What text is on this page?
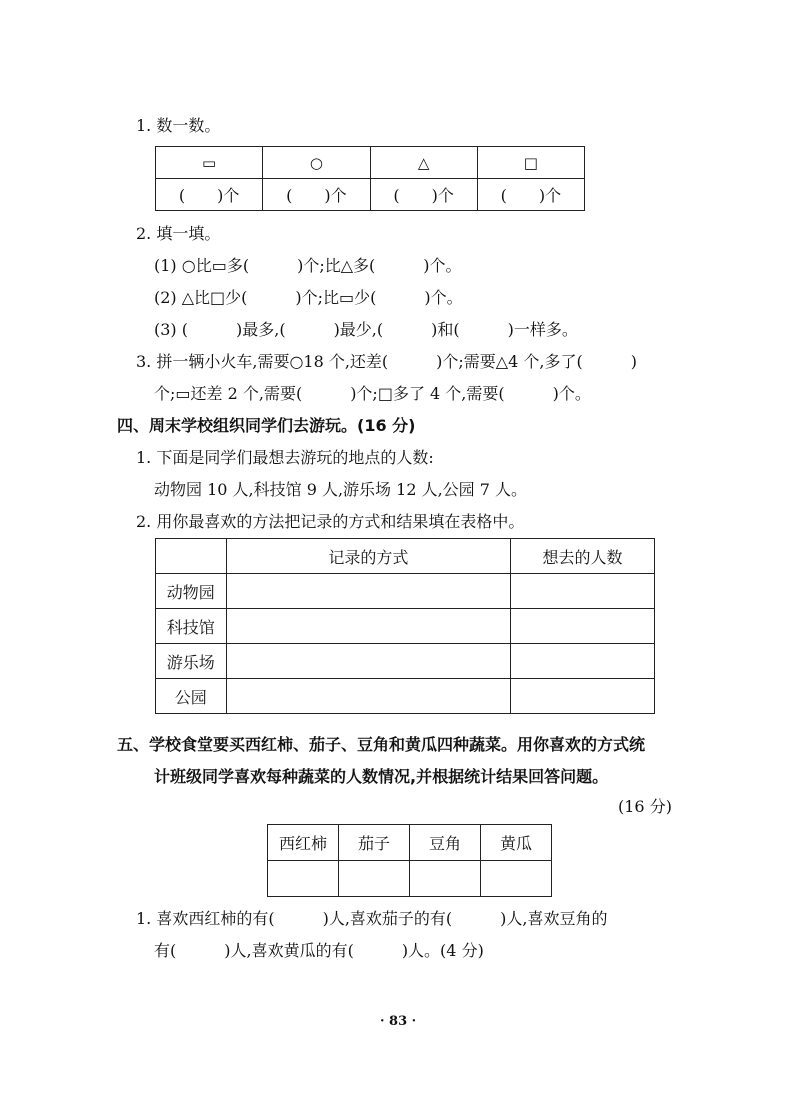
1. 数一数。
▭	○	△	□
(　　)个	(　　)个	(　　)个	(　　)个
2. 填一填。
(1) ○比▭多(　　　)个;比△多(　　　)个。
(2) △比□少(　　　)个;比▭少(　　　)个。
(3) (　　　)最多,(　　　)最少,(　　　)和(　　　)一样多。
3. 拼一辆小火车,需要○18 个,还差(　　　)个;需要△4 个,多了(　　　)
个;▭还差 2 个,需要(　　　)个;□多了 4 个,需要(　　　)个。
四、周末学校组织同学们去游玩。(16 分)
1. 下面是同学们最想去游玩的地点的人数:
动物园 10 人,科技馆 9 人,游乐场 12 人,公园 7 人。
2. 用你最喜欢的方法把记录的方式和结果填在表格中。
	记录的方式	想去的人数
动物园		
科技馆		
游乐场		
公园		
五、学校食堂要买西红柿、茄子、豆角和黄瓜四种蔬菜。用你喜欢的方式统
计班级同学喜欢每种蔬菜的人数情况,并根据统计结果回答问题。
(16 分)
西红柿	茄子	豆角	黄瓜

1. 喜欢西红柿的有(　　　)人,喜欢茄子的有(　　　)人,喜欢豆角的
有(　　　)人,喜欢黄瓜的有(　　　)人。(4 分)
· 83 ·
